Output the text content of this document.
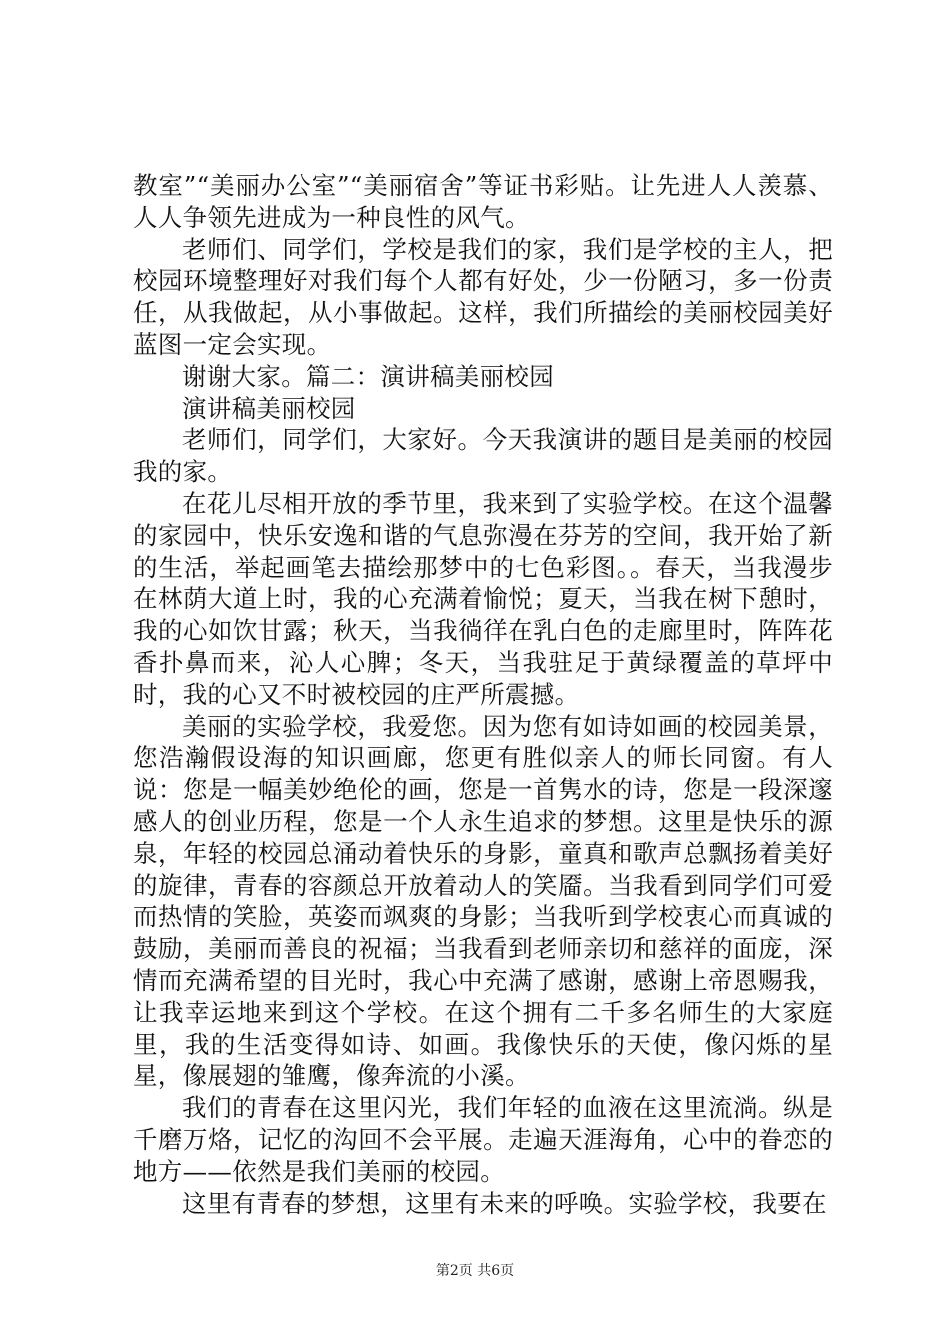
教室”“美丽办公室”“美丽宿舍”等证书彩贴。让先进人人羡慕、人人争领先进成为一种良性的风气。

老师们、同学们，学校是我们的家，我们是学校的主人，把校园环境整理好对我们每个人都有好处，少一份陋习，多一份责任，从我做起，从小事做起。这样，我们所描绘的美丽校园美好蓝图一定会实现。

谢谢大家。篇二：演讲稿美丽校园

演讲稿美丽校园

老师们，同学们，大家好。今天我演讲的题目是美丽的校园我的家。

在花儿尽相开放的季节里，我来到了实验学校。在这个温馨的家园中，快乐安逸和谐的气息弥漫在芬芳的空间，我开始了新的生活，举起画笔去描绘那梦中的七色彩图。。春天，当我漫步在林荫大道上时，我的心充满着愉悦；夏天，当我在树下憩时，我的心如饮甘露；秋天，当我徜徉在乳白色的走廊里时，阵阵花香扑鼻而来，沁人心脾；冬天，当我驻足于黄绿覆盖的草坪中时，我的心又不时被校园的庄严所震撼。

美丽的实验学校，我爱您。因为您有如诗如画的校园美景，您浩瀚假设海的知识画廊，您更有胜似亲人的师长同窗。有人说：您是一幅美妙绝伦的画，您是一首隽水的诗，您是一段深邃感人的创业历程，您是一个人永生追求的梦想。这里是快乐的源泉，年轻的校园总涌动着快乐的身影，童真和歌声总飘扬着美好的旋律，青春的容颜总开放着动人的笑靥。当我看到同学们可爱而热情的笑脸，英姿而飒爽的身影；当我听到学校衷心而真诚的鼓励，美丽而善良的祝福；当我看到老师亲切和慈祥的面庞，深情而充满希望的目光时，我心中充满了感谢，感谢上帝恩赐我，让我幸运地来到这个学校。在这个拥有二千多名师生的大家庭里，我的生活变得如诗、如画。我像快乐的天使，像闪烁的星星，像展翅的雏鹰，像奔流的小溪。

我们的青春在这里闪光，我们年轻的血液在这里流淌。纵是千磨万烙，记忆的沟回不会平展。走遍天涯海角，心中的眷恋的地方——依然是我们美丽的校园。

这里有青春的梦想，这里有未来的呼唤。实验学校，我要在

第2页 共6页
